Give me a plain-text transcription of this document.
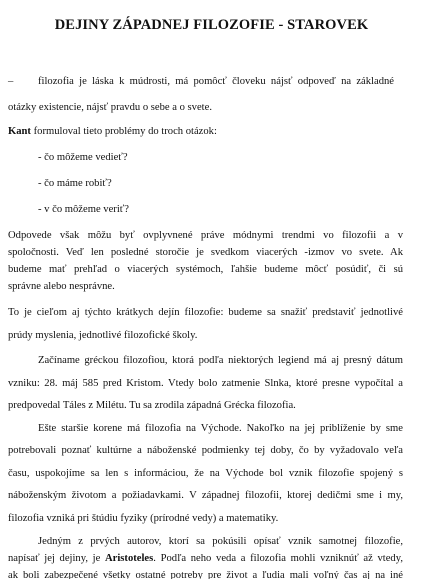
DEJINY ZÁPADNEJ FILOZOFIE - STAROVEK
– filozofia je láska k múdrosti, má pomôcť človeku nájsť odpoveď na základné
otázky existencie, nájsť pravdu o sebe a o svete.
Kant formuloval tieto problémy do troch otázok:
- čo môžeme vedieť?
- čo máme robiť?
- v čo môžeme veriť?
Odpovede však môžu byť ovplyvnené práve módnymi trendmi vo filozofii a v
spoločnosti. Veď len posledné storočie je svedkom viacerých -izmov vo svete. Ak
budeme mať prehľad o viacerých systémoch, ľahšie budeme môcť posúdiť, či sú
správne alebo nesprávne.
To je cieľom aj týchto krátkych dejín filozofie: budeme sa snažiť predstaviť jednotlivé
prúdy myslenia, jednotlivé filozofické školy.
Začíname gréckou filozofiou, ktorá podľa niektorých legiend má aj presný dátum
vzniku: 28. máj 585 pred Kristom. Vtedy bolo zatmenie Slnka, ktoré presne vypočítal a
predpovedal Táles z Milétu. Tu sa zrodila západná Grécka filozofia.
Ešte staršie korene má filozofia na Východe. Nakoľko na jej priblíženie by sme
potrebovali poznať kultúrne a náboženské podmienky tej doby, čo by vyžadovalo veľa
času, uspokojíme sa len s informáciou, že na Východe bol vznik filozofie spojený s
náboženským životom a požiadavkami. V západnej filozofii, ktorej dedičmi sme i my,
filozofia vzniká pri štúdiu fyziky (prírodné vedy) a matematiky.
Jedným z prvých autorov, ktorí sa pokúsili opísať vznik samotnej filozofie,
napísať jej dejiny, je Aristoteles. Podľa neho veda a filozofia mohli vzniknúť až vtedy,
ak boli zabezpečené všetky ostatné potreby pre život a ľudia mali voľný čas aj na iné
